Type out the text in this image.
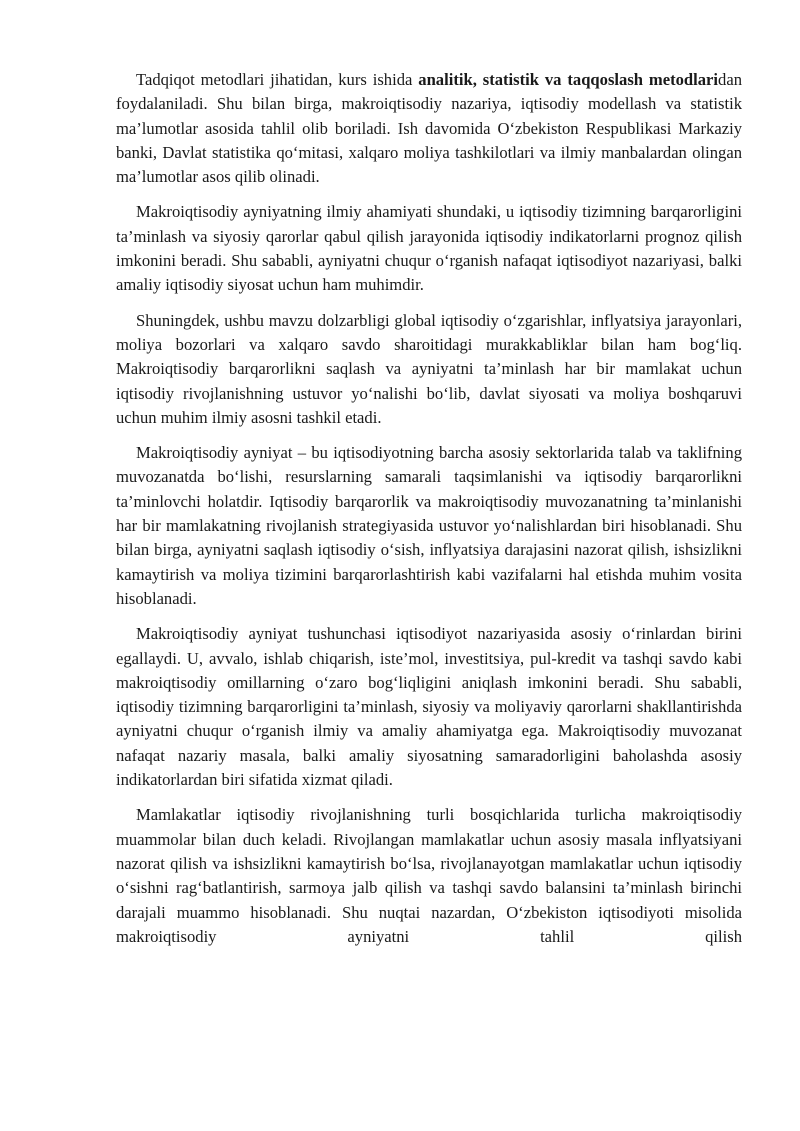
Tadqiqot metodlari jihatidan, kurs ishida analitik, statistik va taqqoslash metodlaridan foydalaniladi. Shu bilan birga, makroiqtisodiy nazariya, iqtisodiy modellash va statistik ma’lumotlar asosida tahlil olib boriladi. Ish davomida O‘zbekiston Respublikasi Markaziy banki, Davlat statistika qo‘mitasi, xalqaro moliya tashkilotlari va ilmiy manbalardan olingan ma’lumotlar asos qilib olinadi.

Makroiqtisodiy ayniyatning ilmiy ahamiyati shundaki, u iqtisodiy tizimning barqarorligini ta’minlash va siyosiy qarorlar qabul qilish jarayonida iqtisodiy indikatorlarni prognoz qilish imkonini beradi. Shu sababli, ayniyatni chuqur o‘rganish nafaqat iqtisodiyot nazariyasi, balki amaliy iqtisodiy siyosat uchun ham muhimdir.

Shuningdek, ushbu mavzu dolzarbligi global iqtisodiy o‘zgarishlar, inflyatsiya jarayonlari, moliya bozorlari va xalqaro savdo sharoitidagi murakkabliklar bilan ham bog‘liq. Makroiqtisodiy barqarorlikni saqlash va ayniyatni ta’minlash har bir mamlakat uchun iqtisodiy rivojlanishning ustuvor yo‘nalishi bo‘lib, davlat siyosati va moliya boshqaruvi uchun muhim ilmiy asosni tashkil etadi.

Makroiqtisodiy ayniyat – bu iqtisodiyotning barcha asosiy sektorlarida talab va taklifning muvozanatda bo‘lishi, resurslarning samarali taqsimlanishi va iqtisodiy barqarorlikni ta’minlovchi holatdir. Iqtisodiy barqarorlik va makroiqtisodiy muvozanatning ta’minlanishi har bir mamlakatning rivojlanish strategiyasida ustuvor yo‘nalishlardan biri hisoblanadi. Shu bilan birga, ayniyatni saqlash iqtisodiy o‘sish, inflyatsiya darajasini nazorat qilish, ishsizlikni kamaytirish va moliya tizimini barqarorlashtirish kabi vazifalarni hal etishda muhim vosita hisoblanadi.

Makroiqtisodiy ayniyat tushunchasi iqtisodiyot nazariyasida asosiy o‘rinlardan birini egallaydi. U, avvalo, ishlab chiqarish, iste’mol, investitsiya, pul-kredit va tashqi savdo kabi makroiqtisodiy omillarning o‘zaro bog‘liqligini aniqlash imkonini beradi. Shu sababli, iqtisodiy tizimning barqarorligini ta’minlash, siyosiy va moliyaviy qarorlarni shakllantirishda ayniyatni chuqur o‘rganish ilmiy va amaliy ahamiyatga ega. Makroiqtisodiy muvozanat nafaqat nazariy masala, balki amaliy siyosatning samaradorligini baholashda asosiy indikatorlardan biri sifatida xizmat qiladi.

Mamlakatlar iqtisodiy rivojlanishning turli bosqichlarida turlicha makroiqtisodiy muammolar bilan duch keladi. Rivojlangan mamlakatlar uchun asosiy masala inflyatsiyani nazorat qilish va ishsizlikni kamaytirish bo‘lsa, rivojlanayotgan mamlakatlar uchun iqtisodiy o‘sishni rag‘batlantirish, sarmoya jalb qilish va tashqi savdo balansini ta’minlash birinchi darajali muammo hisoblanadi. Shu nuqtai nazardan, O‘zbekiston iqtisodiyoti misolida makroiqtisodiy ayniyatni tahlil qilish
